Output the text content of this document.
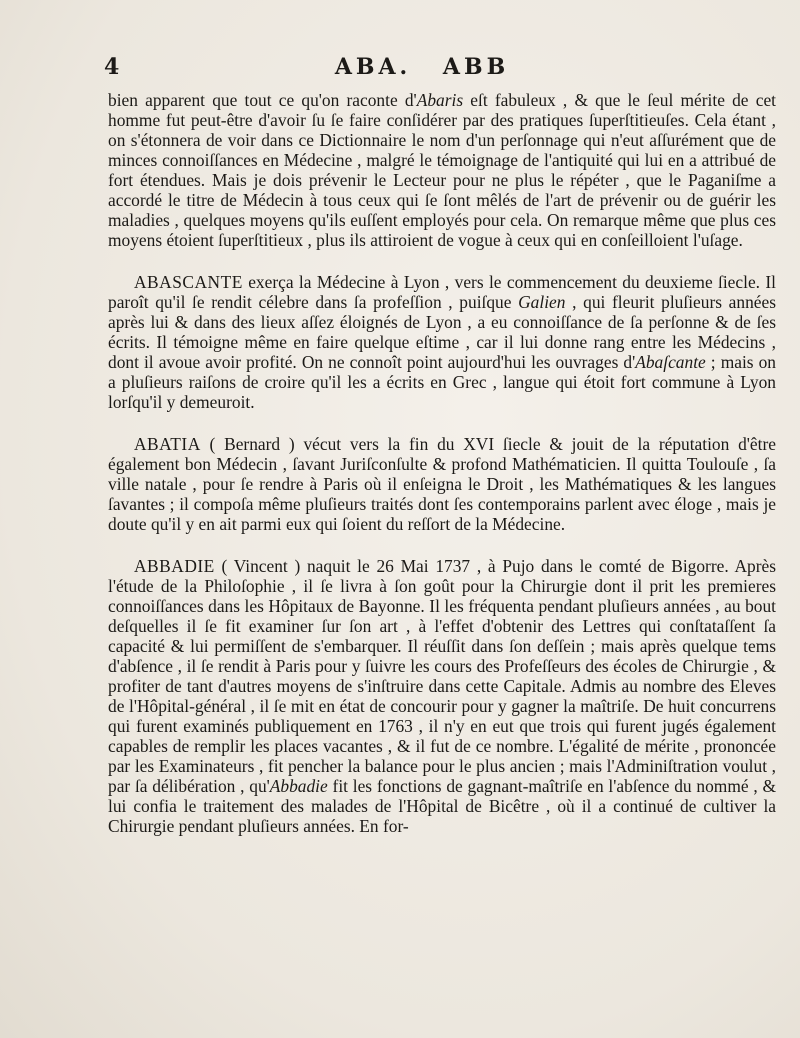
4	ABA. ABB

bien apparent que tout ce qu'on raconte d'Abaris eſt fabuleux , & que le ſeul mérite de cet homme fut peut-être d'avoir ſu ſe faire conſidérer par des pratiques ſuperſtitieuſes. Cela étant , on s'étonnera de voir dans ce Dictionnaire le nom d'un perſonnage qui n'eut aſſurément que de minces connoiſſances en Médecine , malgré le témoignage de l'antiquité qui lui en a attribué de fort étendues. Mais je dois prévenir le Lecteur pour ne plus le répéter , que le Paganiſme a accordé le titre de Médecin à tous ceux qui ſe ſont mêlés de l'art de prévenir ou de guérir les maladies , quelques moyens qu'ils euſſent employés pour cela. On remarque même que plus ces moyens étoient ſuperſtitieux , plus ils attiroient de vogue à ceux qui en conſeilloient l'uſage.

ABASCANTE exerça la Médecine à Lyon , vers le commencement du deuxieme ſiecle. Il paroît qu'il ſe rendit célebre dans ſa profeſſion , puiſque Galien , qui fleurit pluſieurs années après lui & dans des lieux aſſez éloignés de Lyon , a eu connoiſſance de ſa perſonne & de ſes écrits. Il témoigne même en faire quelque eſtime , car il lui donne rang entre les Médecins , dont il avoue avoir profité. On ne connoît point aujourd'hui les ouvrages d'Abaſcante ; mais on a pluſieurs raiſons de croire qu'il les a écrits en Grec , langue qui étoit fort commune à Lyon lorſqu'il y demeuroit.

ABATIA ( Bernard ) vécut vers la fin du XVI ſiecle & jouit de la réputation d'être également bon Médecin , ſavant Juriſconſulte & profond Mathématicien. Il quitta Toulouſe , ſa ville natale , pour ſe rendre à Paris où il enſeigna le Droit , les Mathématiques & les langues ſavantes ; il compoſa même pluſieurs traités dont ſes contemporains parlent avec éloge , mais je doute qu'il y en ait parmi eux qui ſoient du reſſort de la Médecine.

ABBADIE ( Vincent ) naquit le 26 Mai 1737 , à Pujo dans le comté de Bigorre. Après l'étude de la Philoſophie , il ſe livra à ſon goût pour la Chirurgie dont il prit les premieres connoiſſances dans les Hôpitaux de Bayonne. Il les fréquenta pendant pluſieurs années , au bout deſquelles il ſe fit examiner ſur ſon art , à l'effet d'obtenir des Lettres qui conſtataſſent ſa capacité & lui permiſſent de s'embarquer. Il réuſſit dans ſon deſſein ; mais après quelque tems d'abſence , il ſe rendit à Paris pour y ſuivre les cours des Profeſſeurs des écoles de Chirurgie , & profiter de tant d'autres moyens de s'inſtruire dans cette Capitale. Admis au nombre des Eleves de l'Hôpital-général , il ſe mit en état de concourir pour y gagner la maîtriſe. De huit concurrens qui furent examinés publiquement en 1763 , il n'y en eut que trois qui furent jugés également capables de remplir les places vacantes , & il fut de ce nombre. L'égalité de mérite , prononcée par les Examinateurs , fit pencher la balance pour le plus ancien ; mais l'Adminiſtration voulut , par ſa délibération , qu'Abbadie fit les fonctions de gagnant-maîtriſe en l'abſence du nommé , & lui confia le traitement des malades de l'Hôpital de Bicêtre , où il a continué de cultiver la Chirurgie pendant pluſieurs années. En for-
